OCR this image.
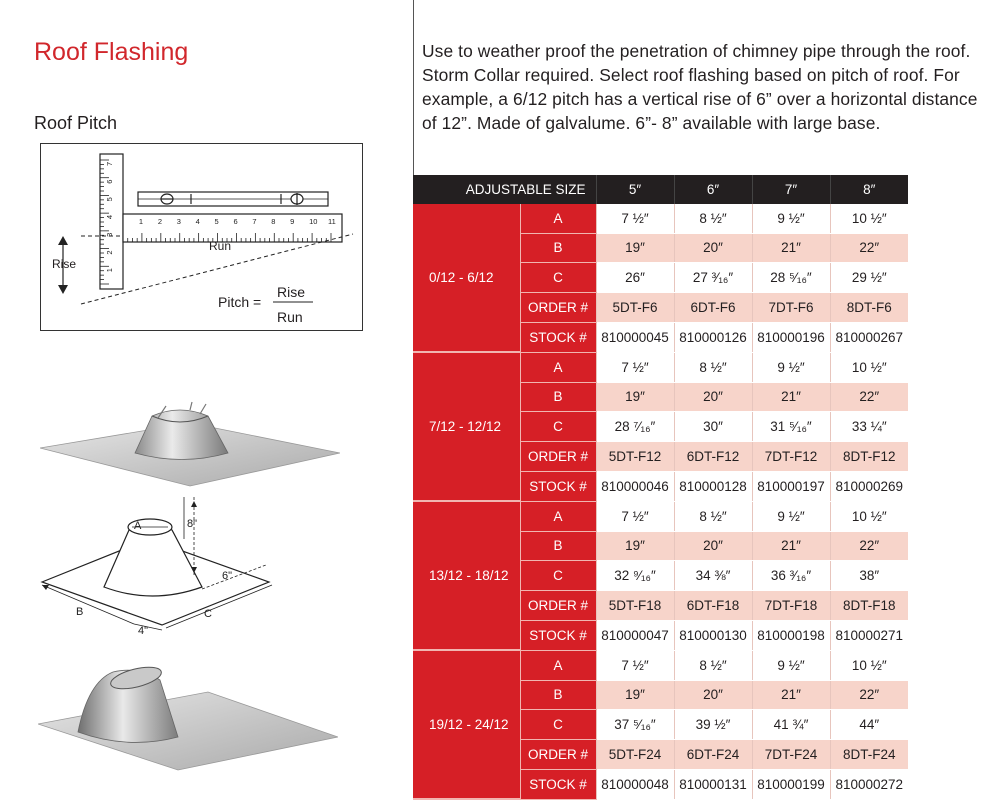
Roof Flashing
Roof Pitch
Use to weather proof the penetration of chimney pipe through the roof. Storm Collar required. Select roof flashing based on pitch of roof. For example, a 6/12 pitch has a vertical rise of 6” over a horizontal distance of 12”. Made of galvalume. 6”- 8” available with large base.
1
2
3
4
5
6
7
1 2 3 4 5 6 7 8 9 10 11
Rise
Run
Pitch =
Rise
Run
A
B	C
8"
6"
4"
ADJUSTABLE SIZE		5″	6″	7″	8″
0/12 - 6/12	A	7 ½″	8 ½″	9 ½″	10 ½″
	B	19″	20″	21″	22″
	C	26″	27 ³⁄₁₆″	28 ⁵⁄₁₆″	29 ½″
	ORDER #	5DT-F6	6DT-F6	7DT-F6	8DT-F6
	STOCK #	810000045	810000126	810000196	810000267
7/12 - 12/12	A	7 ½″	8 ½″	9 ½″	10 ½″
	B	19″	20″	21″	22″
	C	28 ⁷⁄₁₆″	30″	31 ⁵⁄₁₆″	33 ¼″
	ORDER #	5DT-F12	6DT-F12	7DT-F12	8DT-F12
	STOCK #	810000046	810000128	810000197	810000269
13/12 - 18/12	A	7 ½″	8 ½″	9 ½″	10 ½″
	B	19″	20″	21″	22″
	C	32 ⁹⁄₁₆″	34 ⅜″	36 ³⁄₁₆″	38″
	ORDER #	5DT-F18	6DT-F18	7DT-F18	8DT-F18
	STOCK #	810000047	810000130	810000198	810000271
19/12 - 24/12	A	7 ½″	8 ½″	9 ½″	10 ½″
	B	19″	20″	21″	22″
	C	37 ⁵⁄₁₆″	39 ½″	41 ¾″	44″
	ORDER #	5DT-F24	6DT-F24	7DT-F24	8DT-F24
	STOCK #	810000048	810000131	810000199	810000272
